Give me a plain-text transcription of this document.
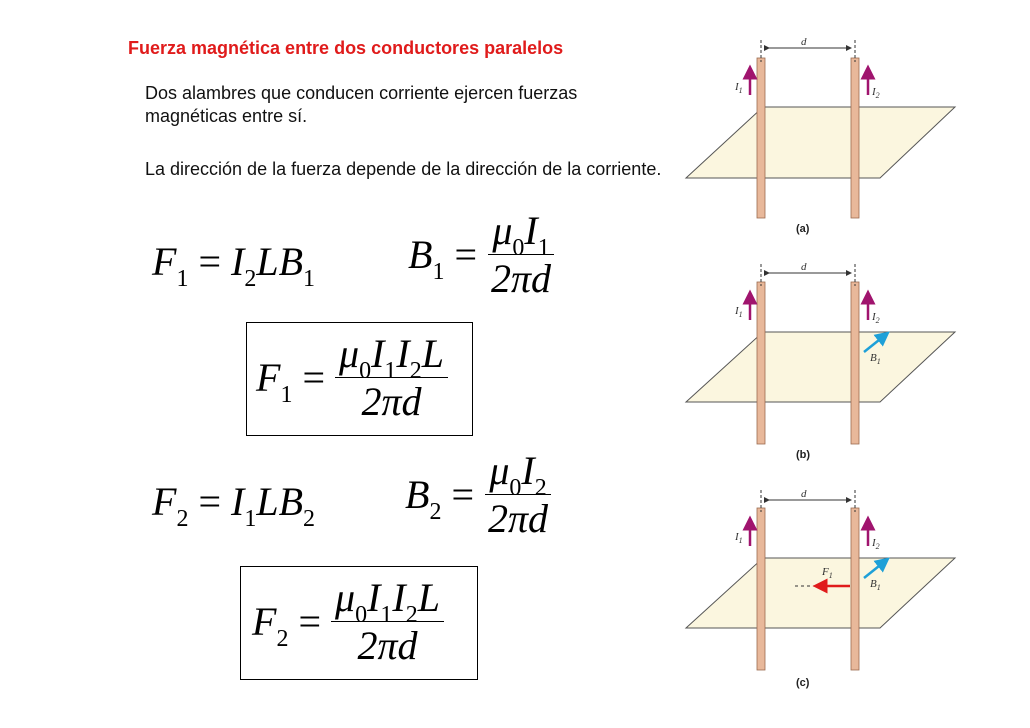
Fuerza magnética entre dos conductores paralelos
Dos alambres que conducen corriente ejercen fuerzas magnéticas entre sí.
La dirección de la fuerza depende de la dirección de la corriente.
$F_1 = I_2LB_1$
$B_1 = \frac{\mu_0I_1}{2\pi d}$
$F_1 = \frac{\mu_0I_1I_2L}{2\pi d}$
$F_2 = I_1LB_2$
$B_2 = \frac{\mu_0I_2}{2\pi d}$
$F_2 = \frac{\mu_0I_1I_2L}{2\pi d}$
d
$I_1$	$I_2$
(a)
d
$I_1$	$I_2$
$B_1$
(b)
d
$I_1$	$I_2$
$B_1$
$F_1$
(c)
